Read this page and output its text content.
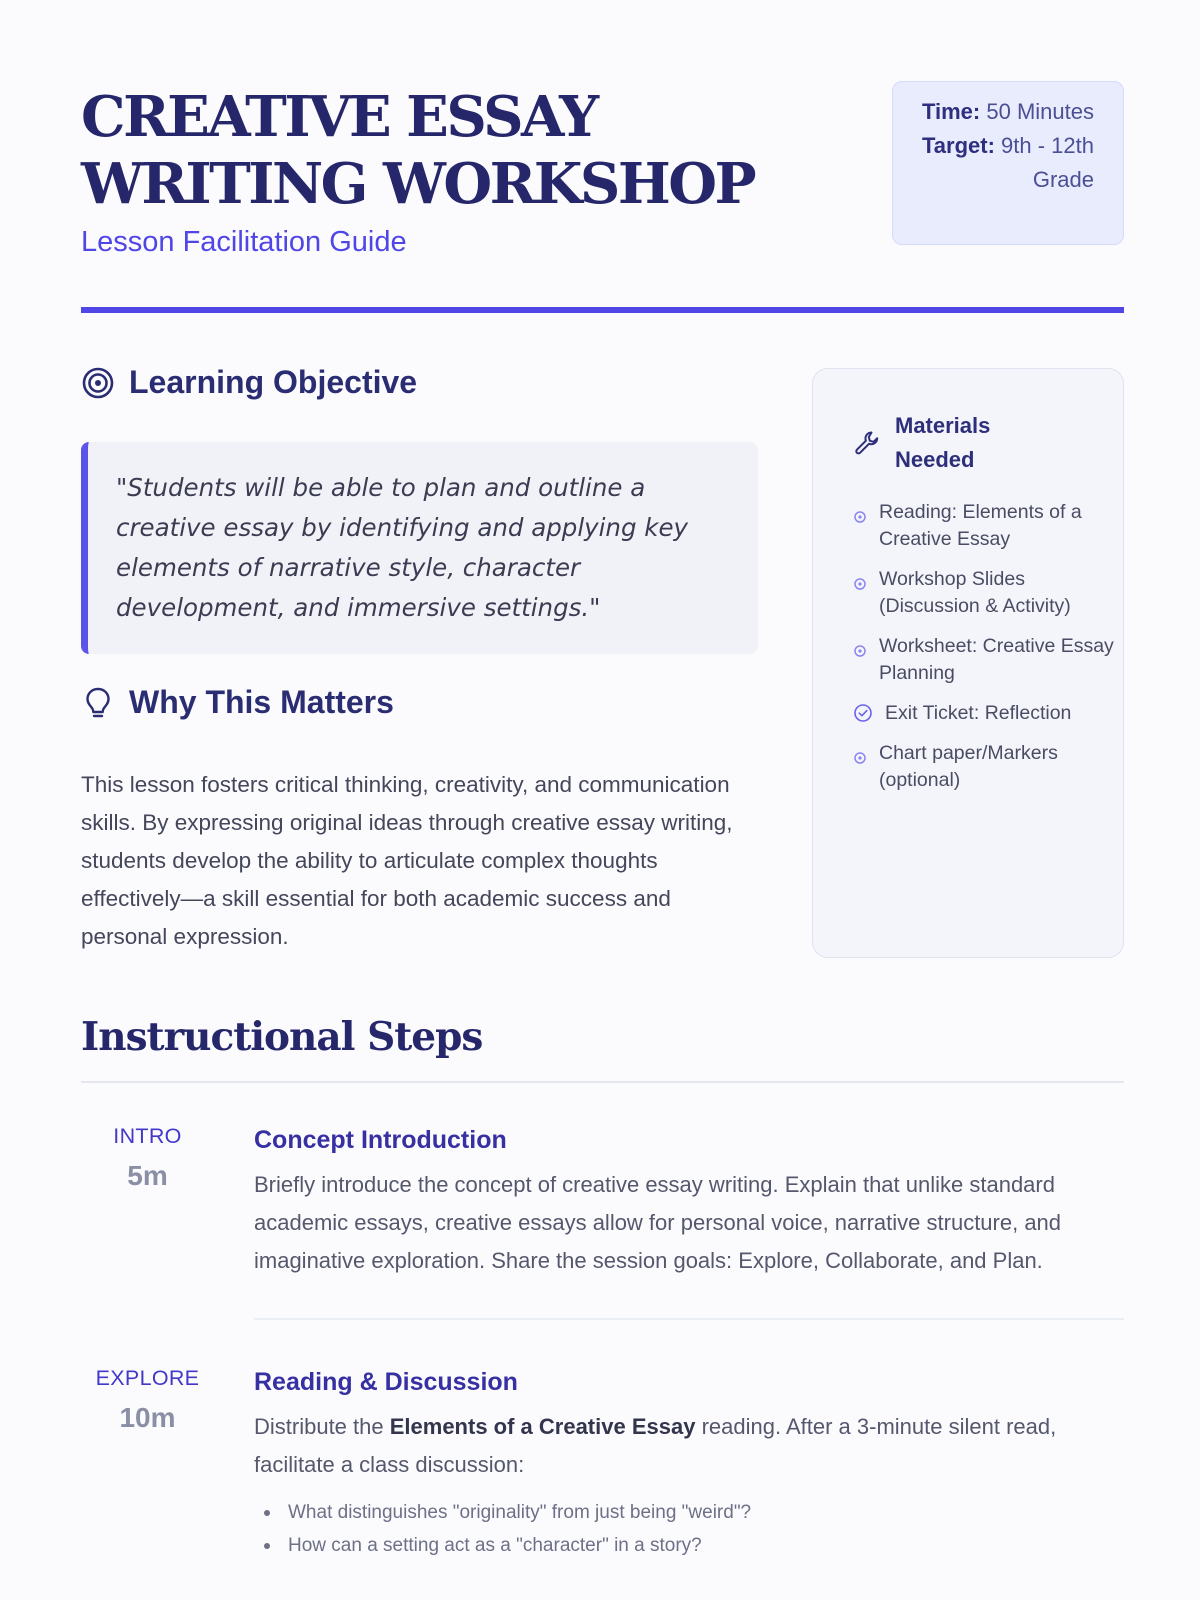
CREATIVE ESSAY WRITING WORKSHOP
Lesson Facilitation Guide
Time: 50 Minutes
Target: 9th - 12th Grade
Learning Objective
"Students will be able to plan and outline a creative essay by identifying and applying key elements of narrative style, character development, and immersive settings."
Why This Matters

This lesson fosters critical thinking, creativity, and communication skills. By expressing original ideas through creative essay writing, students develop the ability to articulate complex thoughts effectively—a skill essential for both academic success and personal expression.

Materials Needed
Reading: Elements of a Creative Essay
Workshop Slides (Discussion & Activity)
Worksheet: Creative Essay Planning
Exit Ticket: Reflection
Chart paper/Markers (optional)
Instructional Steps
INTRO
5m
Concept Introduction

Briefly introduce the concept of creative essay writing. Explain that unlike standard academic essays, creative essays allow for personal voice, narrative structure, and imaginative exploration. Share the session goals: Explore, Collaborate, and Plan.

EXPLORE
10m
Reading & Discussion

Distribute the Elements of a Creative Essay reading. After a 3-minute silent read, facilitate a class discussion:

What distinguishes "originality" from just being "weird"?
How can a setting act as a "character" in a story?
